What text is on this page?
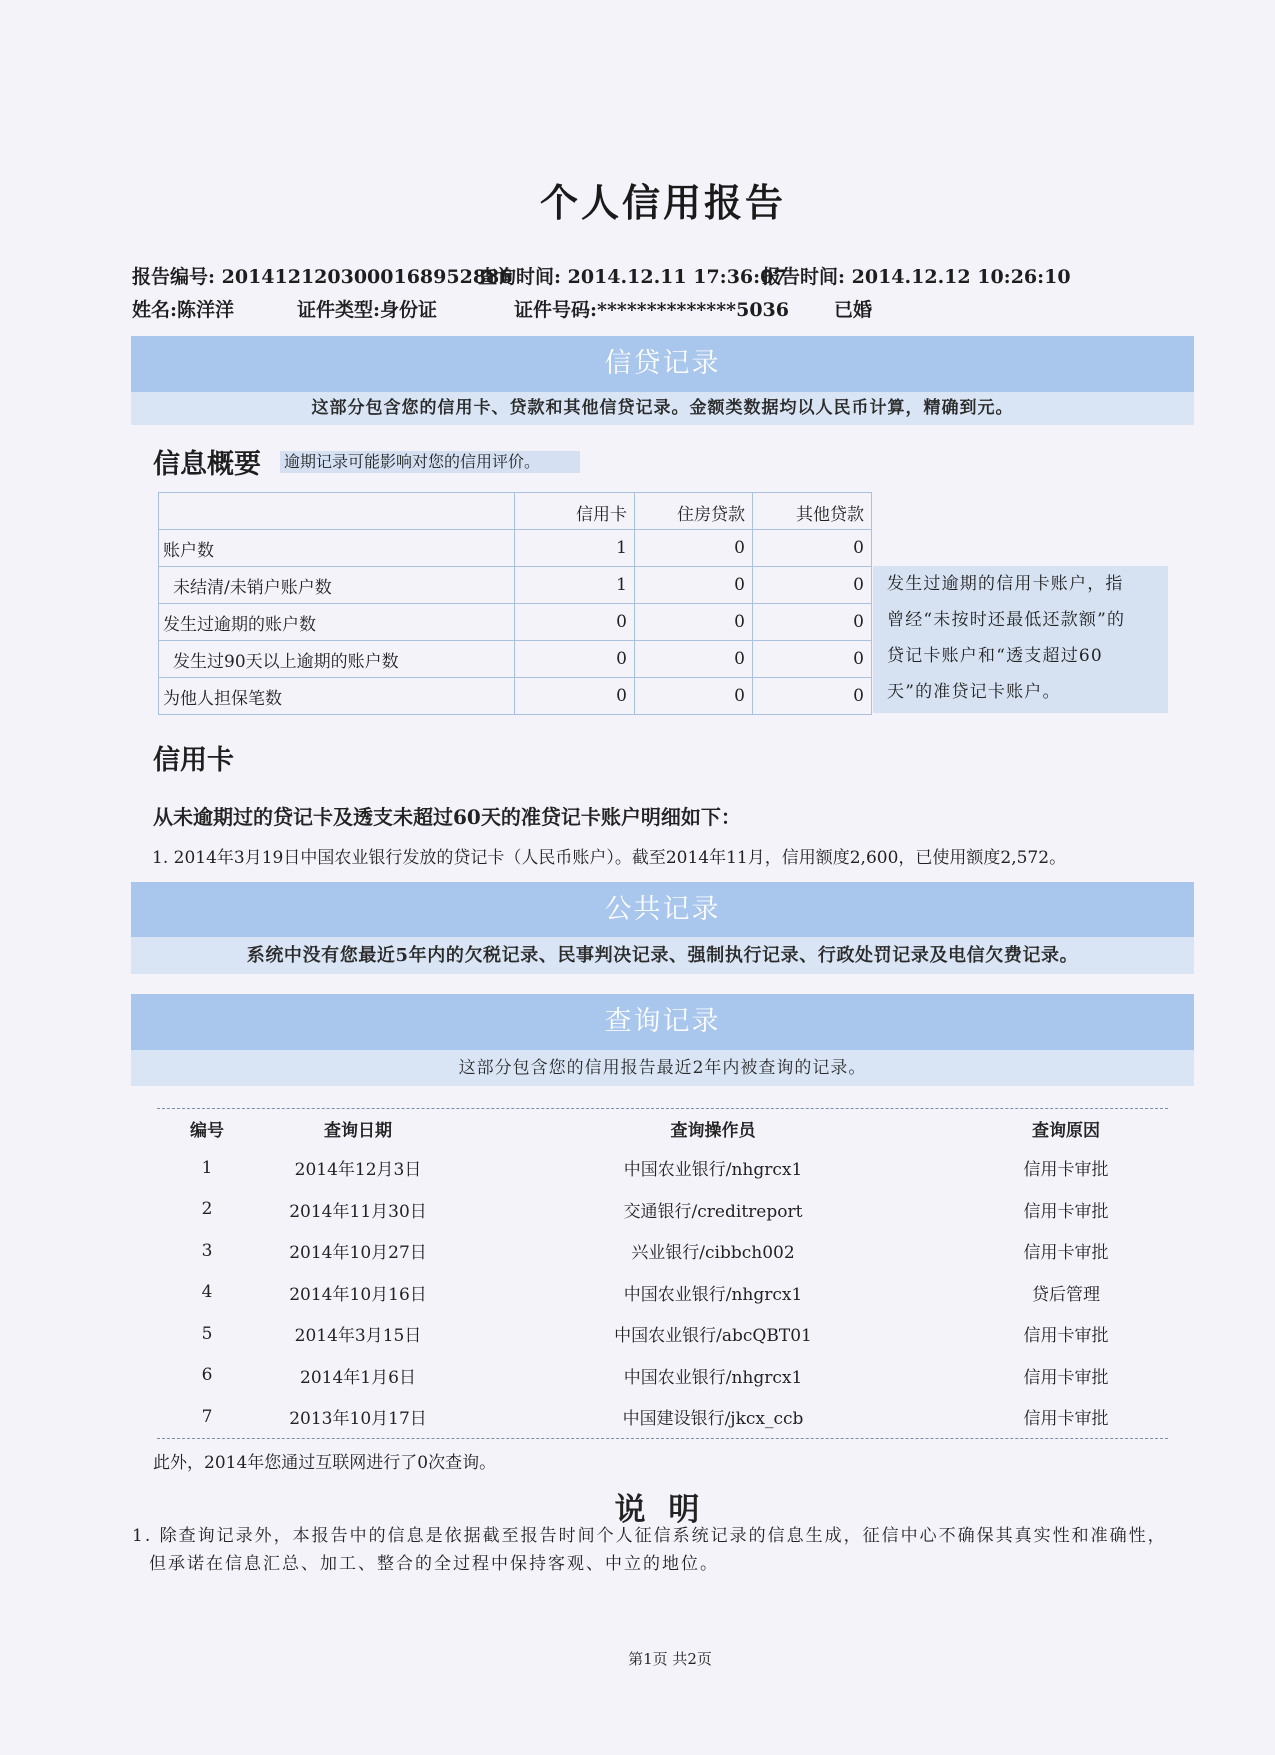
个人信用报告
报告编号: 2014121203000168952886
查询时间: 2014.12.11 17:36:07
报告时间: 2014.12.12 10:26:10
姓名:陈洋洋	证件类型:身份证	证件号码:**************5036 已婚
信贷记录
这部分包含您的信用卡、贷款和其他信贷记录。金额类数据均以人民币计算，精确到元。
信息概要 逾期记录可能影响对您的信用评价。
	信用卡	住房贷款	其他贷款
账户数	1	0	0
未结清/未销户账户数	1	0	0
发生过逾期的账户数	0	0	0
发生过90天以上逾期的账户数	0	0	0
为他人担保笔数	0	0	0
发生过逾期的信用卡账户，指曾经“未按时还最低还款额”的贷记卡账户和“透支超过60天”的准贷记卡账户。
信用卡
从未逾期过的贷记卡及透支未超过60天的准贷记卡账户明细如下：
1. 2014年3月19日中国农业银行发放的贷记卡（人民币账户）。截至2014年11月，信用额度2,600，已使用额度2,572。
公共记录
系统中没有您最近5年内的欠税记录、民事判决记录、强制执行记录、行政处罚记录及电信欠费记录。
查询记录
这部分包含您的信用报告最近2年内被查询的记录。
编号	查询日期	查询操作员	查询原因
1	2014年12月3日	中国农业银行/nhgrcx1	信用卡审批
2	2014年11月30日	交通银行/creditreport	信用卡审批
3	2014年10月27日	兴业银行/cibbch002	信用卡审批
4	2014年10月16日	中国农业银行/nhgrcx1	贷后管理
5	2014年3月15日	中国农业银行/abcQBT01	信用卡审批
6	2014年1月6日	中国农业银行/nhgrcx1	信用卡审批
7	2013年10月17日	中国建设银行/jkcx_ccb	信用卡审批
此外，2014年您通过互联网进行了0次查询。
说 明
1. 除查询记录外，本报告中的信息是依据截至报告时间个人征信系统记录的信息生成，征信中心不确保其真实性和准确性，但承诺在信息汇总、加工、整合的全过程中保持客观、中立的地位。
第1页 共2页
